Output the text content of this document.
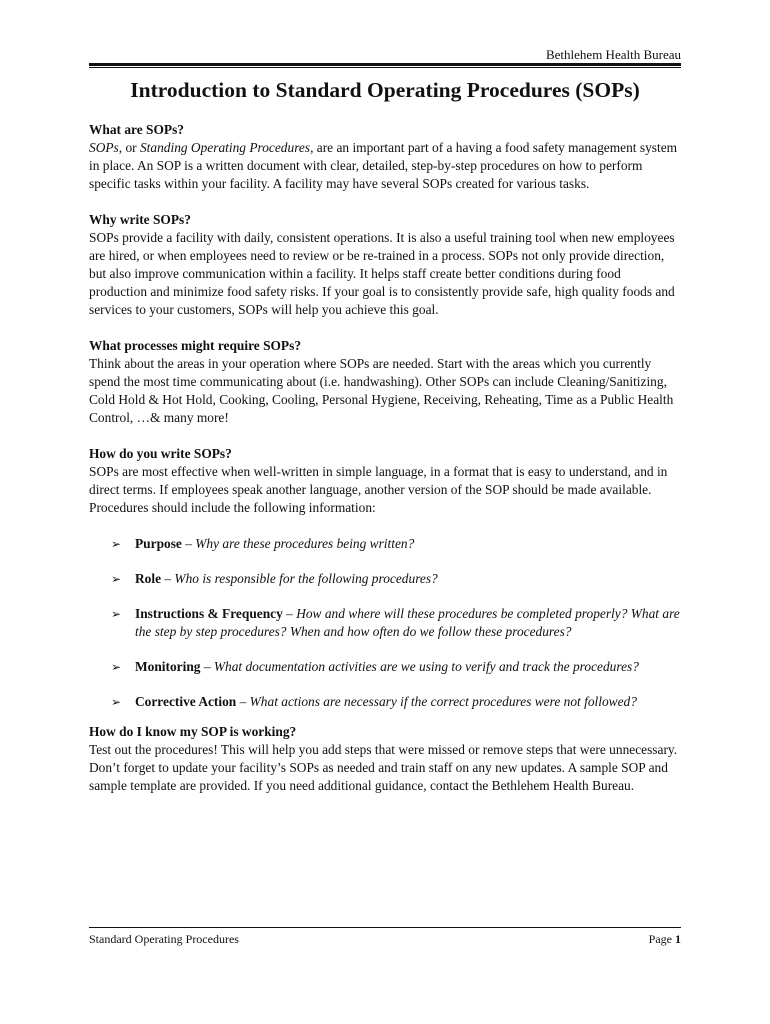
Bethlehem Health Bureau
Introduction to Standard Operating Procedures (SOPs)
What are SOPs?

SOPs, or Standing Operating Procedures, are an important part of a having a food safety management system in place. An SOP is a written document with clear, detailed, step-by-step procedures on how to perform specific tasks within your facility. A facility may have several SOPs created for various tasks.

Why write SOPs?

SOPs provide a facility with daily, consistent operations. It is also a useful training tool when new employees are hired, or when employees need to review or be re-trained in a process. SOPs not only provide direction, but also improve communication within a facility. It helps staff create better conditions during food production and minimize food safety risks. If your goal is to consistently provide safe, high quality foods and services to your customers, SOPs will help you achieve this goal.

What processes might require SOPs?

Think about the areas in your operation where SOPs are needed. Start with the areas which you currently spend the most time communicating about (i.e. handwashing). Other SOPs can include Cleaning/Sanitizing, Cold Hold & Hot Hold, Cooking, Cooling, Personal Hygiene, Receiving, Reheating, Time as a Public Health Control, …& many more!

How do you write SOPs?

SOPs are most effective when well-written in simple language, in a format that is easy to understand, and in direct terms. If employees speak another language, another version of the SOP should be made available. Procedures should include the following information:

➢ Purpose – Why are these procedures being written?
➢ Role – Who is responsible for the following procedures?
➢ Instructions & Frequency – How and where will these procedures be completed properly? What are the step by step procedures? When and how often do we follow these procedures?
➢ Monitoring – What documentation activities are we using to verify and track the procedures?
➢ Corrective Action – What actions are necessary if the correct procedures were not followed?
How do I know my SOP is working?

Test out the procedures! This will help you add steps that were missed or remove steps that were unnecessary. Don’t forget to update your facility’s SOPs as needed and train staff on any new updates. A sample SOP and sample template are provided. If you need additional guidance, contact the Bethlehem Health Bureau.

Standard Operating Procedures	Page 1
